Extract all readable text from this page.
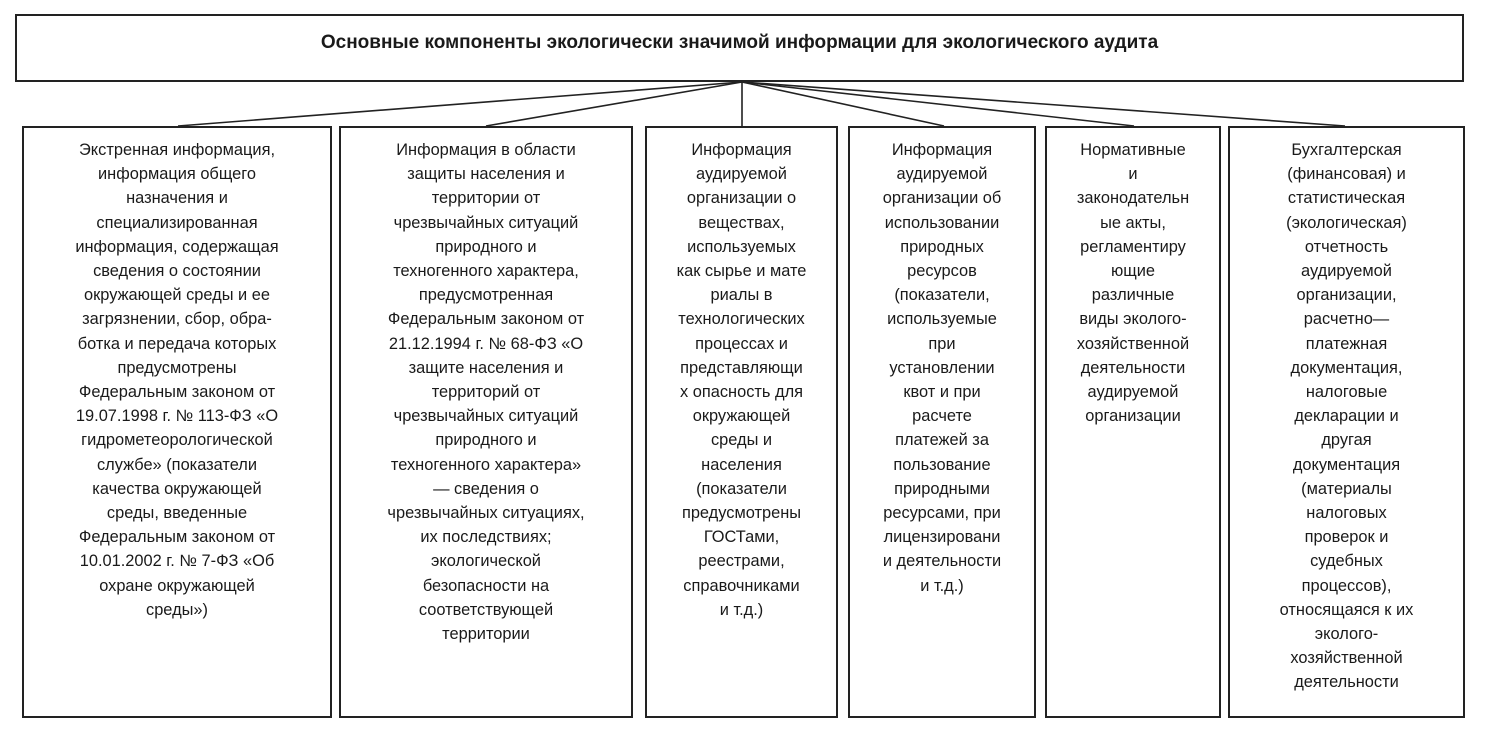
Основные компоненты экологически значимой информации для экологического аудита
Экстренная информация,
информация общего
назначения и
специализированная
информация, содержащая
сведения о состоянии
окружающей среды и ее
загрязнении, сбор, обра-
ботка и передача которых
предусмотрены
Федеральным законом от
19.07.1998 г. № 113-ФЗ «О
гидрометеорологической
службе» (показатели
качества окружающей
среды, введенные
Федеральным законом от
10.01.2002 г. № 7-ФЗ «Об
охране окружающей
среды»)
Информация в области
защиты населения и
территории от
чрезвычайных ситуаций
природного и
техногенного характера,
предусмотренная
Федеральным законом от
21.12.1994 г. № 68-ФЗ «О
защите населения и
территорий от
чрезвычайных ситуаций
природного и
техногенного характера»
— сведения о
чрезвычайных ситуациях,
их последствиях;
экологической
безопасности на
соответствующей
территории
Информация
аудируемой
организации о
веществах,
используемых
как сырье и мате
риалы в
технологических
процессах и
представляющи
х опасность для
окружающей
среды и
населения
(показатели
предусмотрены
ГОСТами,
реестрами,
справочниками
и т.д.)
Информация
аудируемой
организации об
использовании
природных
ресурсов
(показатели,
используемые
при
установлении
квот и при
расчете
платежей за
пользование
природными
ресурсами, при
лицензировани
и деятельности
и т.д.)
Нормативные
и
законодательн
ые акты,
регламентиру
ющие
различные
виды эколого-
хозяйственной
деятельности
аудируемой
организации
Бухгалтерская
(финансовая) и
статистическая
(экологическая)
отчетность
аудируемой
организации,
расчетно—
платежная
документация,
налоговые
декларации и
другая
документация
(материалы
налоговых
проверок и
судебных
процессов),
относящаяся к их
эколого-
хозяйственной
деятельности
